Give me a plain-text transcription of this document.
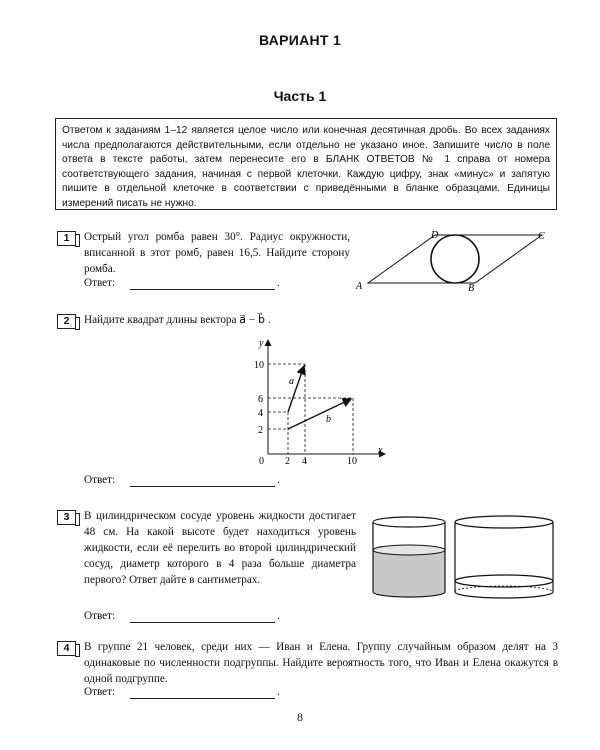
ВАРИАНТ 1
Часть 1
Ответом к заданиям 1–12 является целое число или конечная десятичная дробь. Во всех заданиях числа предполагаются действительными, если отдельно не указано иное. Запишите число в поле ответа в тексте работы, затем перенесите его в БЛАНК ОТВЕТОВ № 1 справа от номера соответствующего задания, начиная с первой клеточки. Каждую цифру, знак «минус» и запятую пишите в отдельной клеточке в соответствии с приведёнными в бланке образцами. Единицы измерений писать не нужно.
1	Острый угол ромба равен 30°. Радиус окружности, вписанной в этот ромб, равен 16,5. Найдите сторону ромба.
Ответ:	.	A	B
C
D
2	Найдите квадрат длины вектора a⃗ − b⃗ .
y
x
a⃗
b⃗
10
6
4
2
0 2 4	10
Ответ:	.
3	В цилиндрическом сосуде уровень жидкости достигает 48 см. На какой высоте будет находиться уровень жидкости, если её перелить во второй цилиндрический сосуд, диаметр которого в 4 раза больше диаметра первого? Ответ дайте в сантиметрах.
Ответ:	.
4	В группе 21 человек, среди них — Иван и Елена. Группу случайным образом делят на 3 одинаковые по численности подгруппы. Найдите вероятность того, что Иван и Елена окажутся в одной подгруппе.
Ответ:	.
8
